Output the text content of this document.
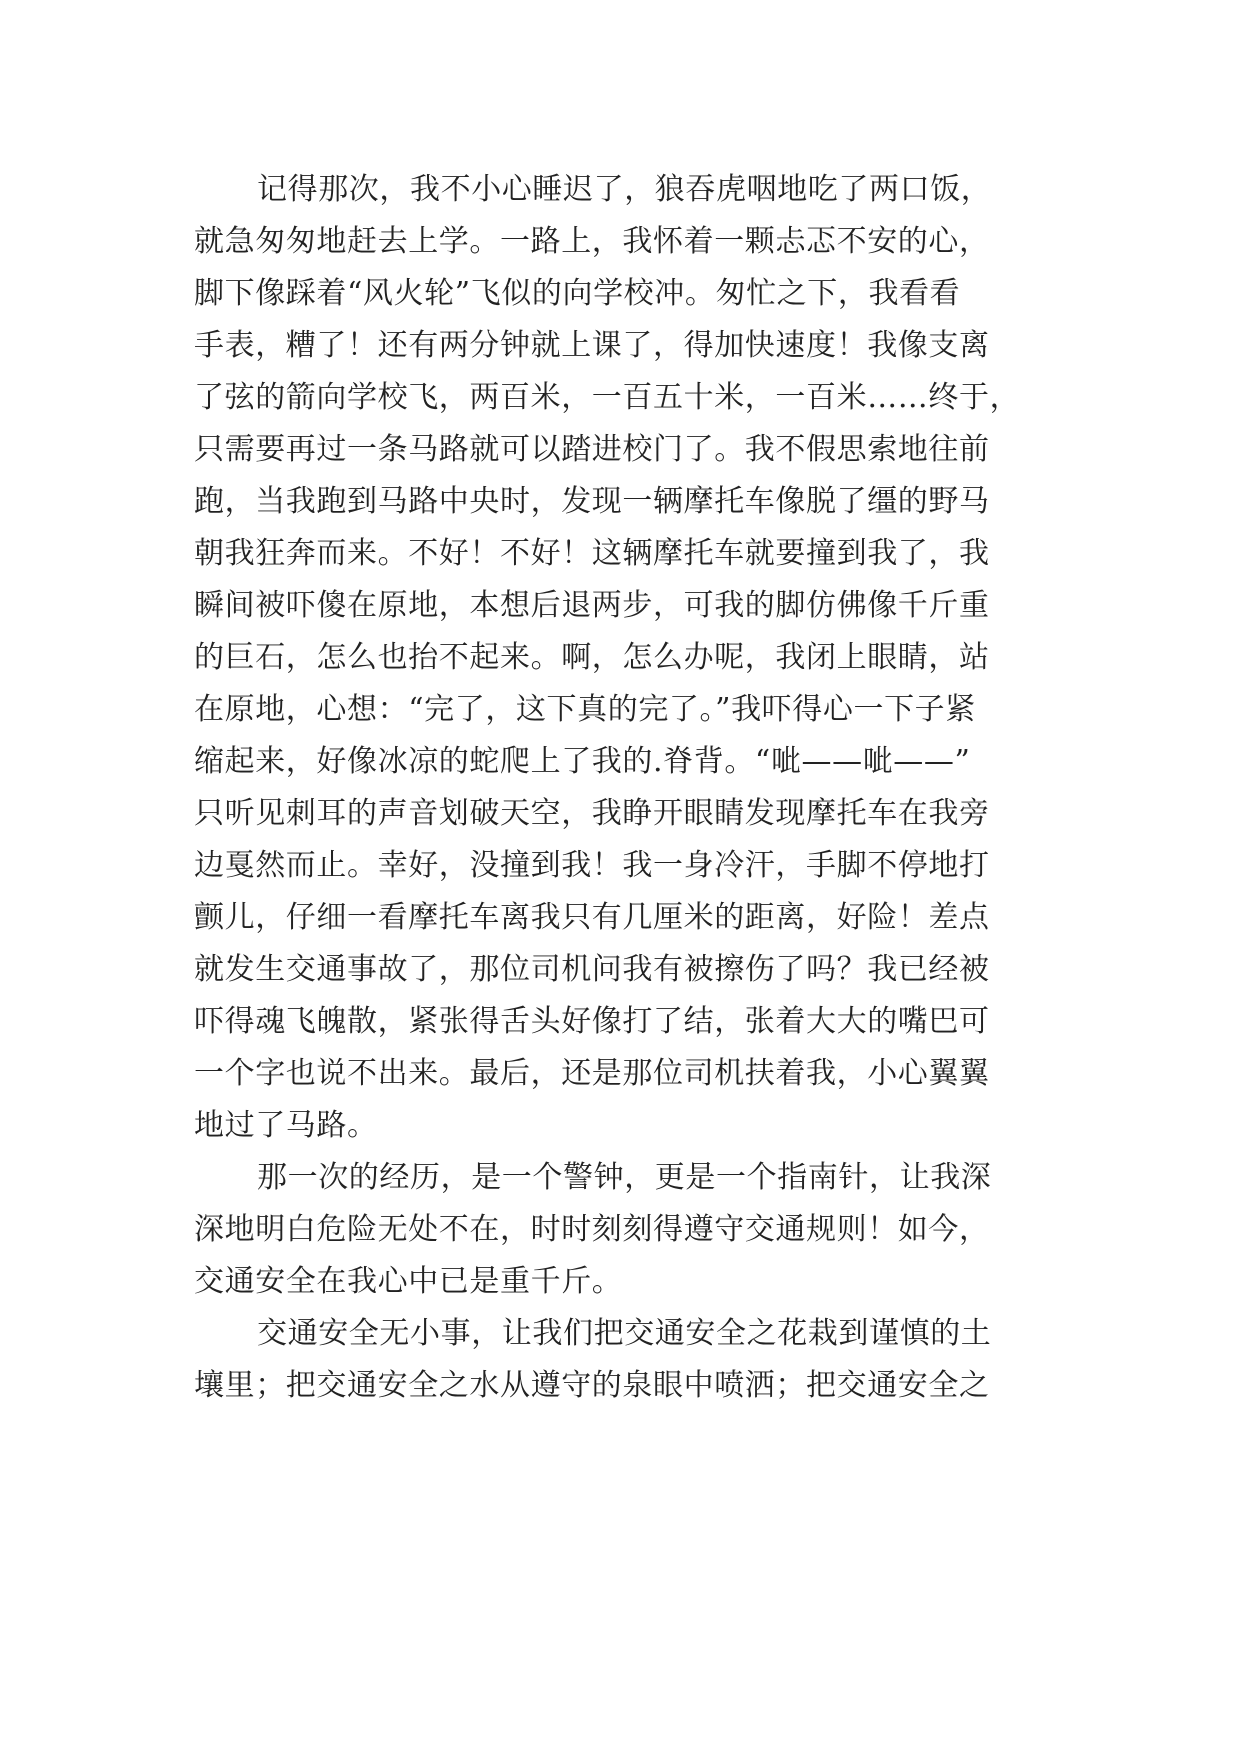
记得那次，我不小心睡迟了，狼吞虎咽地吃了两口饭，
就急匆匆地赶去上学。一路上，我怀着一颗忐忑不安的心，
脚下像踩着“风火轮”飞似的向学校冲。匆忙之下，我看看
手表，糟了！还有两分钟就上课了，得加快速度！我像支离
了弦的箭向学校飞，两百米，一百五十米，一百米……终于，
只需要再过一条马路就可以踏进校门了。我不假思索地往前
跑，当我跑到马路中央时，发现一辆摩托车像脱了缰的野马
朝我狂奔而来。不好！不好！这辆摩托车就要撞到我了，我
瞬间被吓傻在原地，本想后退两步，可我的脚仿佛像千斤重
的巨石，怎么也抬不起来。啊，怎么办呢，我闭上眼睛，站
在原地，心想：“完了，这下真的完了。”我吓得心一下子紧
缩起来，好像冰凉的蛇爬上了我的.脊背。“呲——呲——”
只听见刺耳的声音划破天空，我睁开眼睛发现摩托车在我旁
边戛然而止。幸好，没撞到我！我一身冷汗，手脚不停地打
颤儿，仔细一看摩托车离我只有几厘米的距离，好险！差点
就发生交通事故了，那位司机问我有被擦伤了吗？我已经被
吓得魂飞魄散，紧张得舌头好像打了结，张着大大的嘴巴可
一个字也说不出来。最后，还是那位司机扶着我，小心翼翼
地过了马路。
那一次的经历，是一个警钟，更是一个指南针，让我深
深地明白危险无处不在，时时刻刻得遵守交通规则！如今，
交通安全在我心中已是重千斤。
交通安全无小事，让我们把交通安全之花栽到谨慎的土
壤里；把交通安全之水从遵守的泉眼中喷洒；把交通安全之
